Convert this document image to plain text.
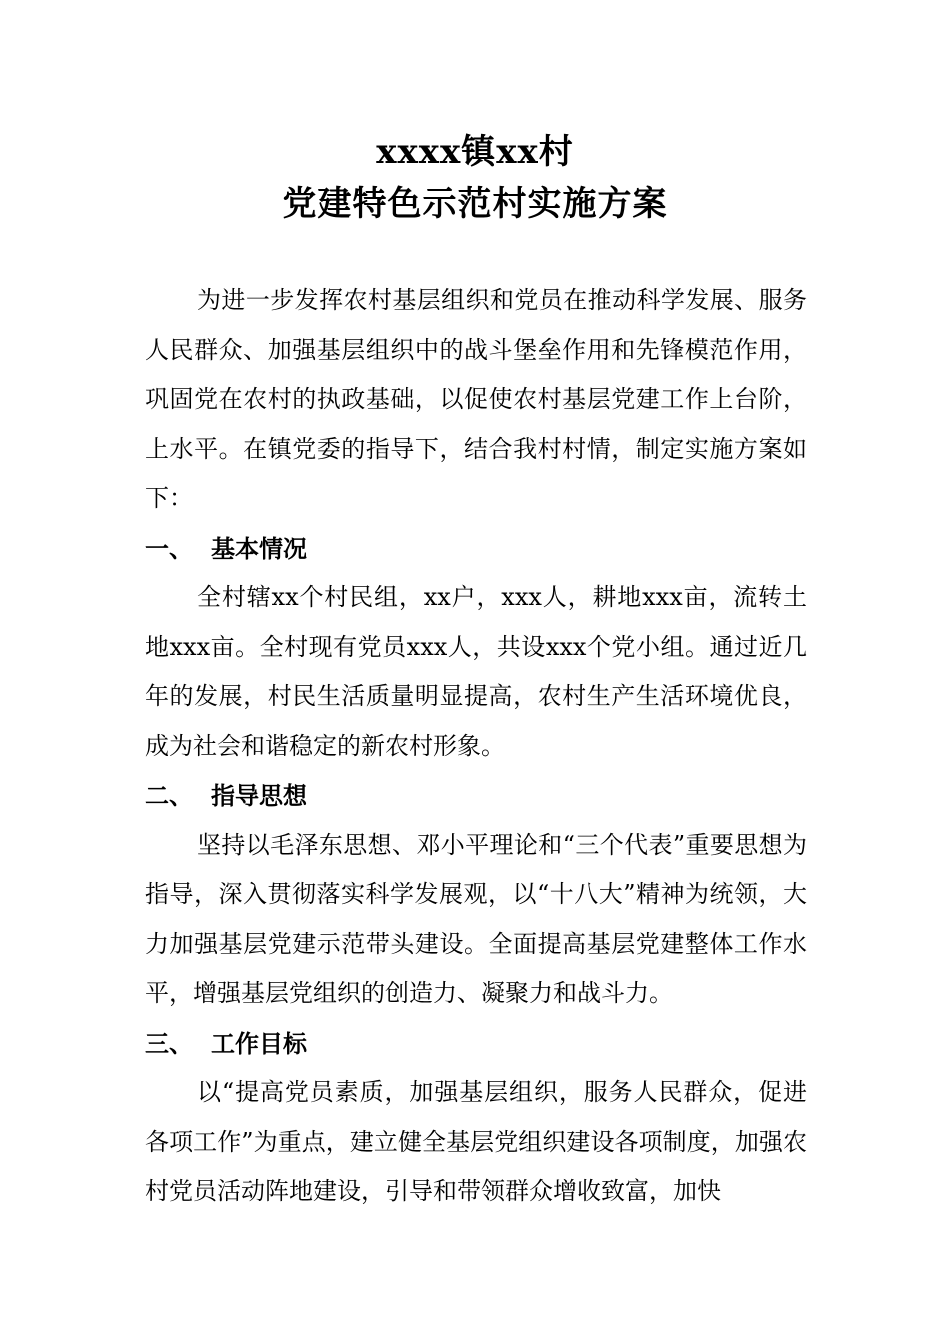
xxxx镇xx村
党建特色示范村实施方案

为进一步发挥农村基层组织和党员在推动科学发展、服务人民群众、加强基层组织中的战斗堡垒作用和先锋模范作用，巩固党在农村的执政基础，以促使农村基层党建工作上台阶，上水平。在镇党委的指导下，结合我村村情，制定实施方案如下：

一、 基本情况

全村辖xx个村民组，xx户，xxx人，耕地xxx亩，流转土地xxx亩。全村现有党员xxx人，共设xxx个党小组。通过近几年的发展，村民生活质量明显提高，农村生产生活环境优良，成为社会和谐稳定的新农村形象。

二、 指导思想

坚持以毛泽东思想、邓小平理论和“三个代表”重要思想为指导，深入贯彻落实科学发展观，以“十八大”精神为统领，大力加强基层党建示范带头建设。全面提高基层党建整体工作水平，增强基层党组织的创造力、凝聚力和战斗力。

三、 工作目标

以“提高党员素质，加强基层组织，服务人民群众，促进各项工作”为重点，建立健全基层党组织建设各项制度，加强农村党员活动阵地建设，引导和带领群众增收致富，加快
